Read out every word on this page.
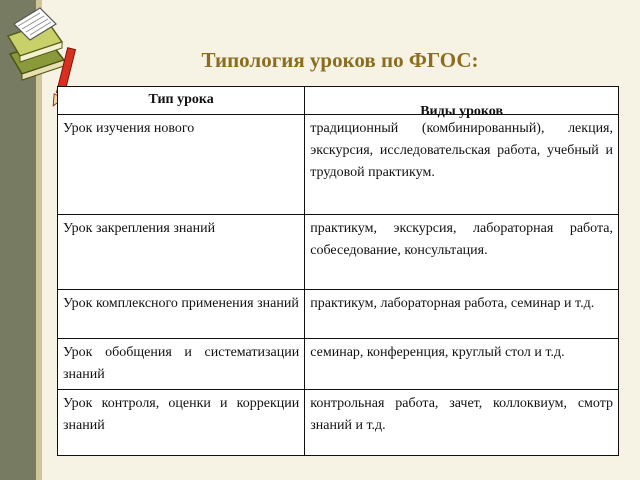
Типология уроков по ФГОС:
Тип урока	Виды уроков
Урок изучения нового	традиционный (комбинированный), лекция, экскурсия, исследовательская работа, учебный и трудовой практикум.
Урок закрепления знаний	практикум, экскурсия, лабораторная работа, собеседование, консультация.
Урок комплексного применения знаний	практикум, лабораторная работа, семинар и т.д.
Урок обобщения и систематизации знаний	семинар, конференция, круглый стол и т.д.
Урок контроля, оценки и коррекции знаний	контрольная работа, зачет, коллоквиум, смотр знаний и т.д.
